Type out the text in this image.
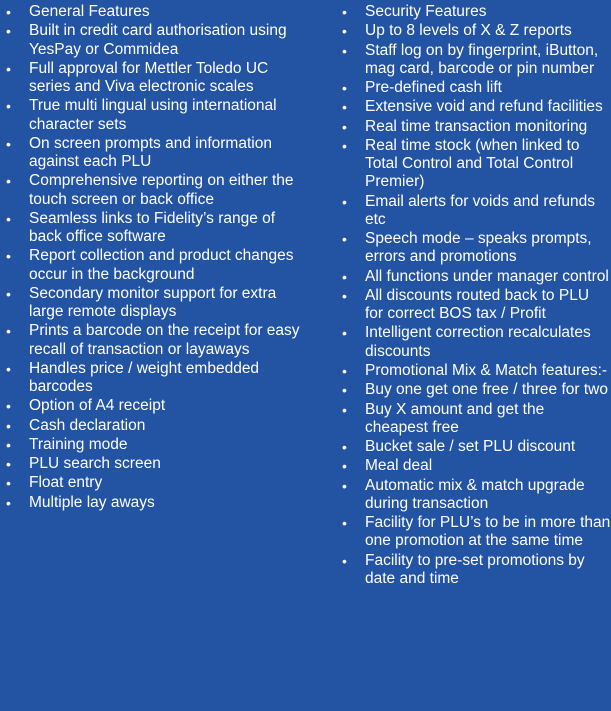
• General Features
• Built in credit card authorisation using YesPay or Commidea
• Full approval for Mettler Toledo UC series and Viva electronic scales
• True multi lingual using international character sets
• On screen prompts and information against each PLU
• Comprehensive reporting on either the touch screen or back office
• Seamless links to Fidelity’s range of back office software
• Report collection and product changes occur in the background
• Secondary monitor support for extra large remote displays
• Prints a barcode on the receipt for easy recall of transaction or layaways
• Handles price / weight embedded barcodes
• Option of A4 receipt
• Cash declaration
• Training mode
• PLU search screen
• Float entry
• Multiple lay aways
• Security Features
• Up to 8 levels of X & Z reports
• Staff log on by fingerprint, iButton, mag card, barcode or pin number
• Pre-defined cash lift
• Extensive void and refund facilities
• Real time transaction monitoring
• Real time stock (when linked to Total Control and Total Control Premier)
• Email alerts for voids and refunds etc
• Speech mode – speaks prompts, errors and promotions
• All functions under manager control
• All discounts routed back to PLU for correct BOS tax / Profit
• Intelligent correction recalculates discounts
• Promotional Mix & Match features:-
• Buy one get one free / three for two
• Buy X amount and get the cheapest free
• Bucket sale / set PLU discount
• Meal deal
• Automatic mix & match upgrade during transaction
• Facility for PLU’s to be in more than one promotion at the same time
• Facility to pre-set promotions by date and time
